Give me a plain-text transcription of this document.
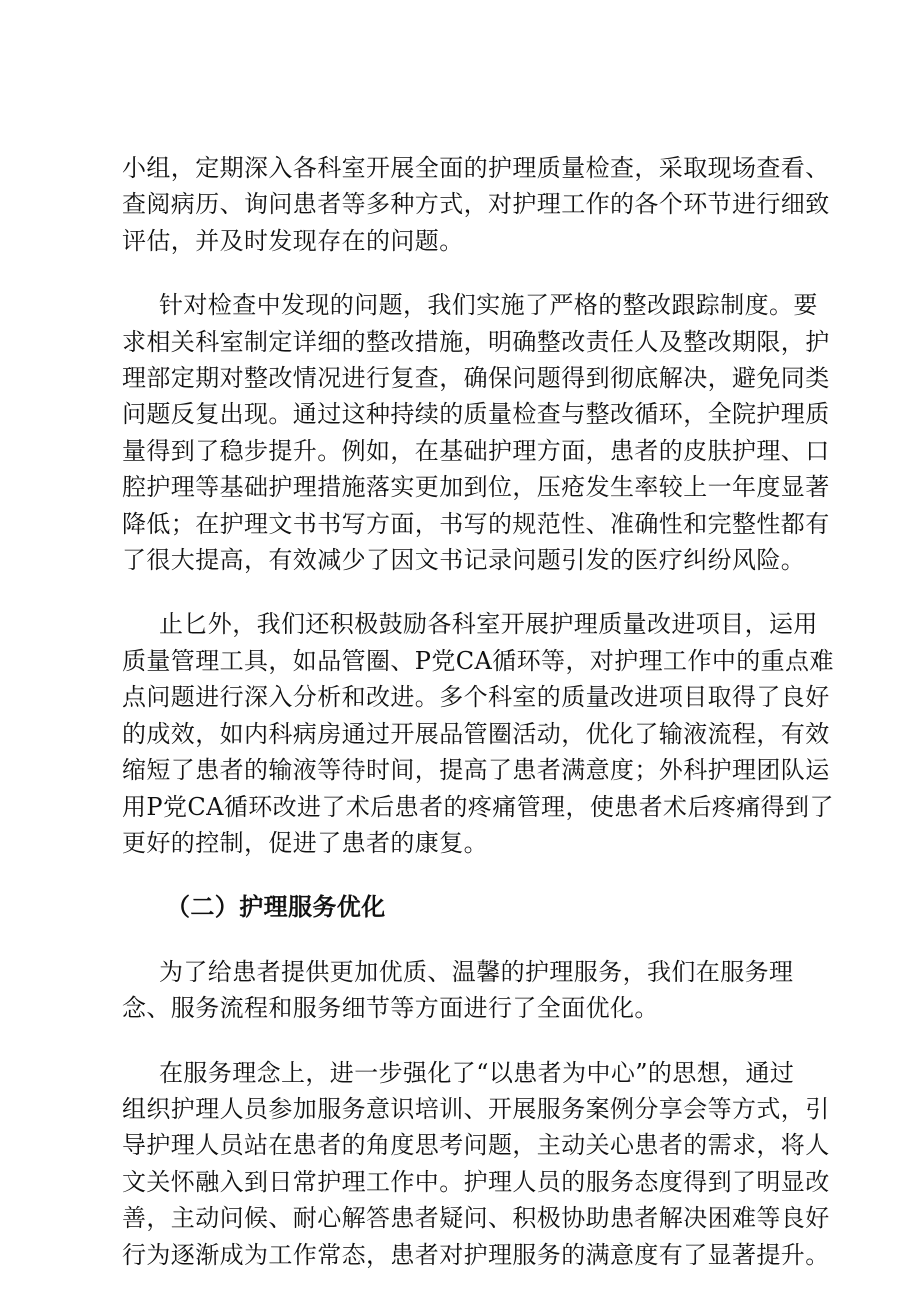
小组，定期深入各科室开展全面的护理质量检查，采取现场查看、
查阅病历、询问患者等多种方式，对护理工作的各个环节进行细致
评估，并及时发现存在的问题。

针对检查中发现的问题，我们实施了严格的整改跟踪制度。要
求相关科室制定详细的整改措施，明确整改责任人及整改期限，护
理部定期对整改情况进行复查，确保问题得到彻底解决，避免同类
问题反复出现。通过这种持续的质量检查与整改循环，全院护理质
量得到了稳步提升。例如，在基础护理方面，患者的皮肤护理、口
腔护理等基础护理措施落实更加到位，压疮发生率较上一年度显著
降低；在护理文书书写方面，书写的规范性、准确性和完整性都有
了很大提高，有效减少了因文书记录问题引发的医疗纠纷风险。

止匕外，我们还积极鼓励各科室开展护理质量改进项目，运用
质量管理工具，如品管圈、P党CA循环等，对护理工作中的重点难
点问题进行深入分析和改进。多个科室的质量改进项目取得了良好
的成效，如内科病房通过开展品管圈活动，优化了输液流程，有效
缩短了患者的输液等待时间，提高了患者满意度；外科护理团队运
用P党CA循环改进了术后患者的疼痛管理，使患者术后疼痛得到了
更好的控制，促进了患者的康复。

（二）护理服务优化

为了给患者提供更加优质、温馨的护理服务，我们在服务理
念、服务流程和服务细节等方面进行了全面优化。

在服务理念上，进一步强化了“以患者为中心”的思想，通过
组织护理人员参加服务意识培训、开展服务案例分享会等方式，引
导护理人员站在患者的角度思考问题，主动关心患者的需求，将人
文关怀融入到日常护理工作中。护理人员的服务态度得到了明显改
善，主动问候、耐心解答患者疑问、积极协助患者解决困难等良好
行为逐渐成为工作常态，患者对护理服务的满意度有了显著提升。
